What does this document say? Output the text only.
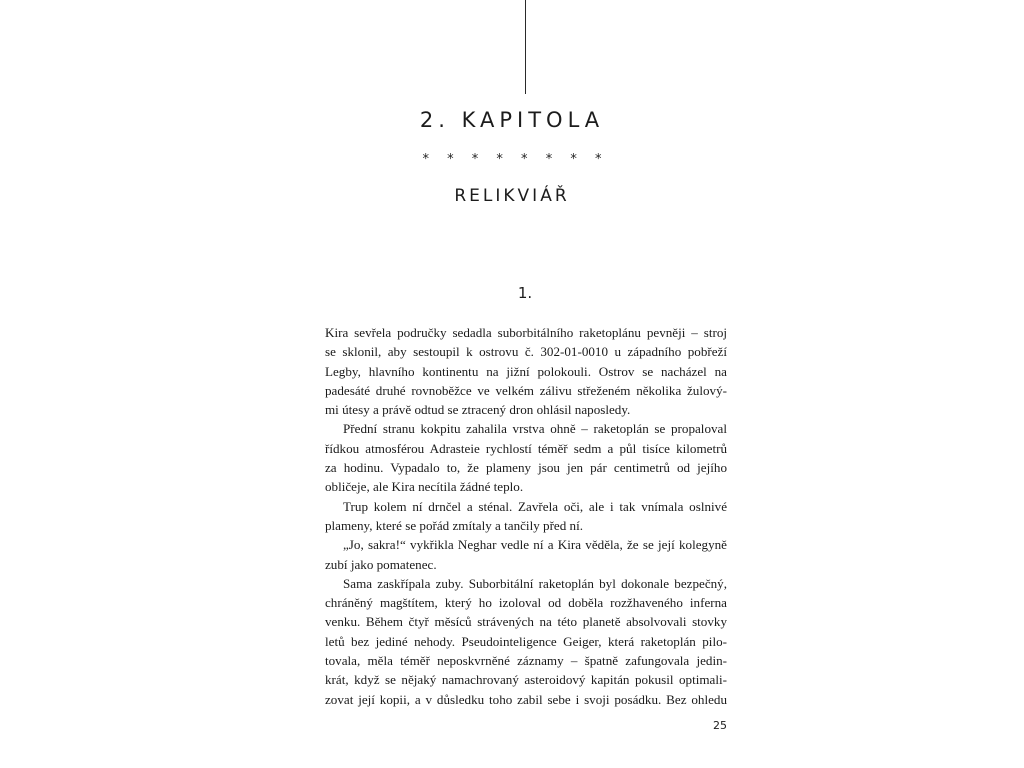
2. KAPITOLA
* * * * * * * *
RELIKVIÁŘ
1.
Kira sevřela područky sedadla suborbitálního raketoplánu pevněji – stroj
se sklonil, aby sestoupil k ostrovu č. 302-01-0010 u západního pobřeží
Legby, hlavního kontinentu na jižní polokouli. Ostrov se nacházel na
padesáté druhé rovnoběžce ve velkém zálivu střeženém několika žulový-
mi útesy a právě odtud se ztracený dron ohlásil naposledy.
Přední stranu kokpitu zahalila vrstva ohně – raketoplán se propaloval
řídkou atmosférou Adrasteie rychlostí téměř sedm a půl tisíce kilometrů
za hodinu. Vypadalo to, že plameny jsou jen pár centimetrů od jejího
obličeje, ale Kira necítila žádné teplo.
Trup kolem ní drnčel a sténal. Zavřela oči, ale i tak vnímala oslnivé
plameny, které se pořád zmítaly a tančily před ní.
„Jo, sakra!“ vykřikla Neghar vedle ní a Kira věděla, že se její kolegyně
zubí jako pomatenec.
Sama zaskřípala zuby. Suborbitální raketoplán byl dokonale bezpečný,
chráněný magštítem, který ho izoloval od doběla rozžhaveného inferna
venku. Během čtyř měsíců strávených na této planetě absolvovali stovky
letů bez jediné nehody. Pseudointeligence Geiger, která raketoplán pilo-
tovala, měla téměř neposkvrněné záznamy – špatně zafungovala jedin-
krát, když se nějaký namachrovaný asteroidový kapitán pokusil optimali-
zovat její kopii, a v důsledku toho zabil sebe i svoji posádku. Bez ohledu
25
